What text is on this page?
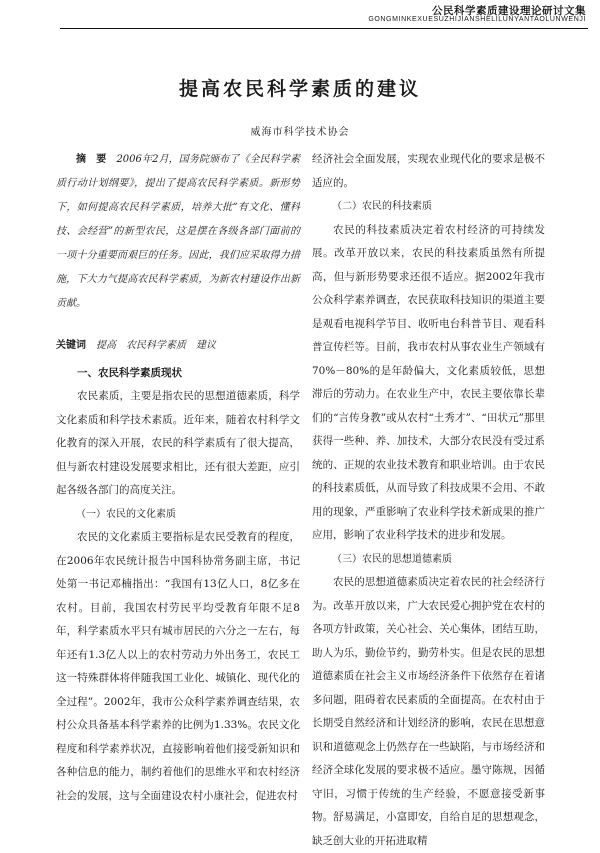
公民科学素质建设理论研讨文集
GONGMINKEXUESUZHIJIANSHELILUNYANTAOLUNWENJI
提高农民科学素质的建议
威海市科学技术协会

摘　要　 2006年2月，国务院颁布了《全民科学素质行动计划纲要》，提出了提高农民科学素质。新形势下，如何提高农民科学素质，培养大批“有文化、懂科技、会经营”的新型农民，这是摆在各级各部门面前的一项十分重要而艰巨的任务。因此，我们应采取得力措施，下大力气提高农民科学素质，为新农村建设作出新贡献。

关键词　 提高　农民科学素质　建议

一、农民科学素质现状

农民素质，主要是指农民的思想道德素质，科学文化素质和科学技术素质。近年来，随着农村科学文化教育的深入开展，农民的科学素质有了很大提高，但与新农村建设发展要求相比，还有很大差距，应引起各级各部门的高度关注。

（一）农民的文化素质

农民的文化素质主要指标是农民受教育的程度，在2006年农民统计报告中国科协常务副主席，书记处第一书记邓楠指出：“我国有13亿人口，8亿多在农村。目前，我国农村劳民平均受教育年限不足8年，科学素质水平只有城市居民的六分之一左右，每年还有1.3亿人以上的农村劳动力外出务工，农民工这一特殊群体将伴随我国工业化、城镇化、现代化的全过程”。2002年，我市公众科学素养调查结果，农村公众具备基本科学素养的比例为1.33%。农民文化程度和科学素养状况，直接影响着他们接受新知识和各种信息的能力，制约着他们的思维水平和农村经济社会的发展，这与全面建设农村小康社会，促进农村

经济社会全面发展，实现农业现代化的要求是极不适应的。

（二）农民的科技素质

农民的科技素质决定着农村经济的可持续发展。改革开放以来，农民的科技素质虽然有所提高，但与新形势要求还很不适应。据2002年我市公众科学素养调查，农民获取科技知识的渠道主要是观看电视科学节目、收听电台科普节目、观看科普宣传栏等。目前，我市农村从事农业生产领域有70%－80%的是年龄偏大，文化素质较低，思想滞后的劳动力。在农业生产中，农民主要依靠长辈们的“言传身教”或从农村“土秀才”、“田状元”那里获得一些种、养、加技术，大部分农民没有受过系统的、正规的农业技术教育和职业培训。由于农民的科技素质低，从而导致了科技成果不会用、不敢用的现象，严重影响了农业科学技术新成果的推广应用，影响了农业科学技术的进步和发展。

（三）农民的思想道德素质

农民的思想道德素质决定着农民的社会经济行为。改革开放以来，广大农民爱心拥护党在农村的各项方针政策，关心社会、关心集体，团结互助，助人为乐，勤俭节约，勤劳朴实。但是农民的思想道德素质在社会主义市场经济条件下依然存在着诸多问题，阻碍着农民素质的全面提高。在农村由于长期受自然经济和计划经济的影响，农民在思想意识和道德观念上仍然存在一些缺陷，与市场经济和经济全球化发展的要求极不适应。墨守陈规，因循守旧，习惯于传统的生产经验，不愿意接受新事物。舒易满足，小富即安，自给自足的思想观念，缺乏创大业的开拓进取精
